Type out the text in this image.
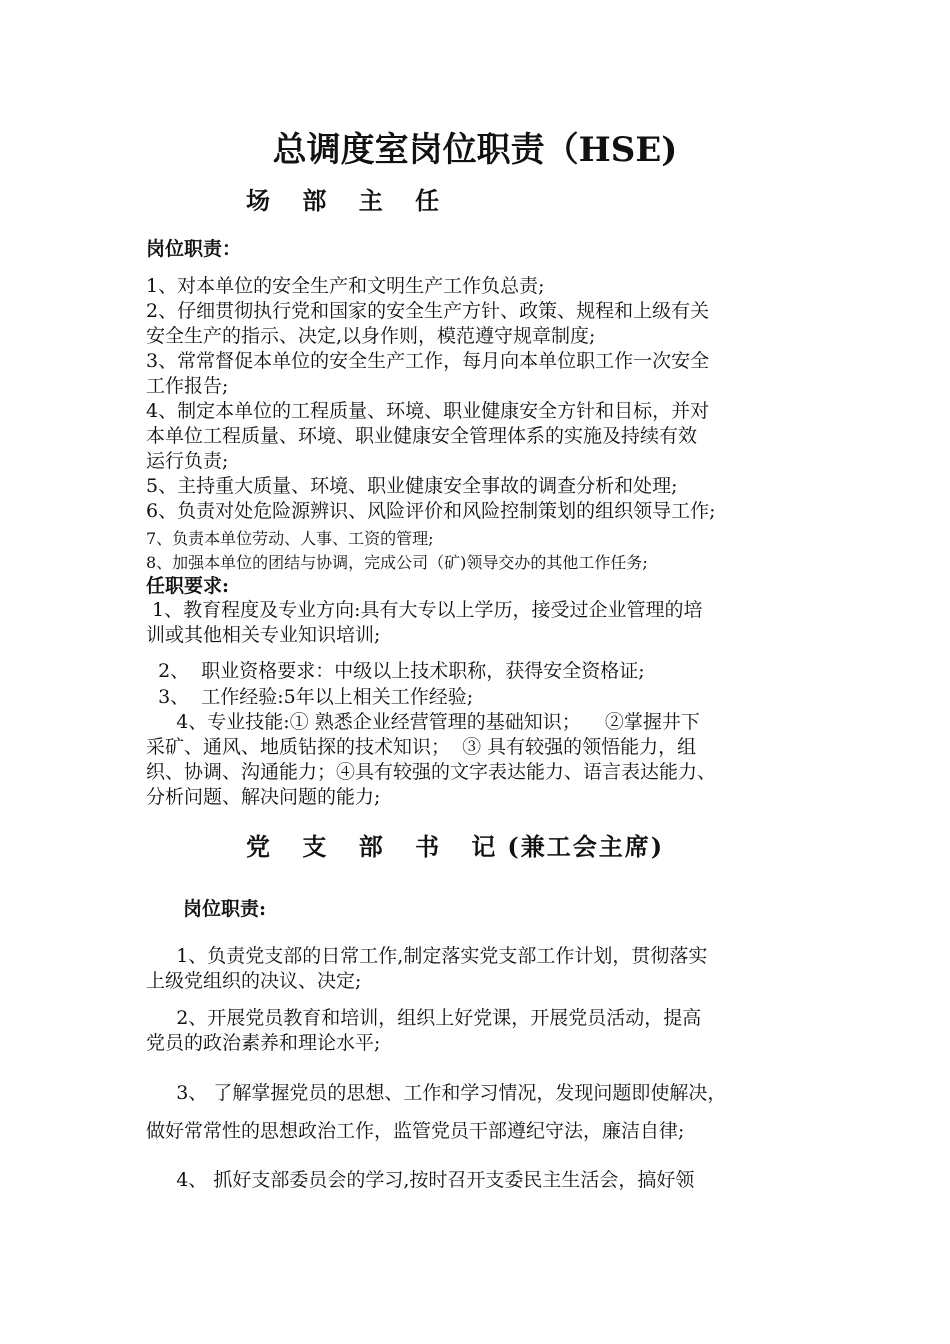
总调度室岗位职责（HSE)
场 部 主 任
岗位职责：

1、对本单位的安全生产和文明生产工作负总责;

2、仔细贯彻执行党和国家的安全生产方针、政策、规程和上级有关
安全生产的指示、决定,以身作则，模范遵守规章制度;

3、常常督促本单位的安全生产工作，每月向本单位职工作一次安全
工作报告;

4、制定本单位的工程质量、环境、职业健康安全方针和目标，并对
本单位工程质量、环境、职业健康安全管理体系的实施及持续有效
运行负责;

5、主持重大质量、环境、职业健康安全事故的调查分析和处理;

6、负责对处危险源辨识、风险评价和风险控制策划的组织领导工作;

7、负责本单位劳动、人事、工资的管理;

8、加强本单位的团结与协调，完成公司（矿)领导交办的其他工作任务;

任职要求:

1、教育程度及专业方向:具有大专以上学历，接受过企业管理的培
训或其他相关专业知识培训;

2、  职业资格要求：中级以上技术职称，获得安全资格证;

3、  工作经验:5年以上相关工作经验;

4、专业技能:① 熟悉企业经营管理的基础知识；    ②掌握井下
采矿、通风、地质钻探的技术知识；  ③ 具有较强的领悟能力，组
织、协调、沟通能力；④具有较强的文字表达能力、语言表达能力、
分析问题、解决问题的能力;

党 支 部 书 记(兼工会主席)
岗位职责:

1、负责党支部的日常工作,制定落实党支部工作计划，贯彻落实
上级党组织的决议、决定;

2、开展党员教育和培训，组织上好党课，开展党员活动，提高
党员的政治素养和理论水平;

3、 了解掌握党员的思想、工作和学习情况，发现问题即使解决，
做好常常性的思想政治工作，监管党员干部遵纪守法，廉洁自律;

4、 抓好支部委员会的学习,按时召开支委民主生活会，搞好领
